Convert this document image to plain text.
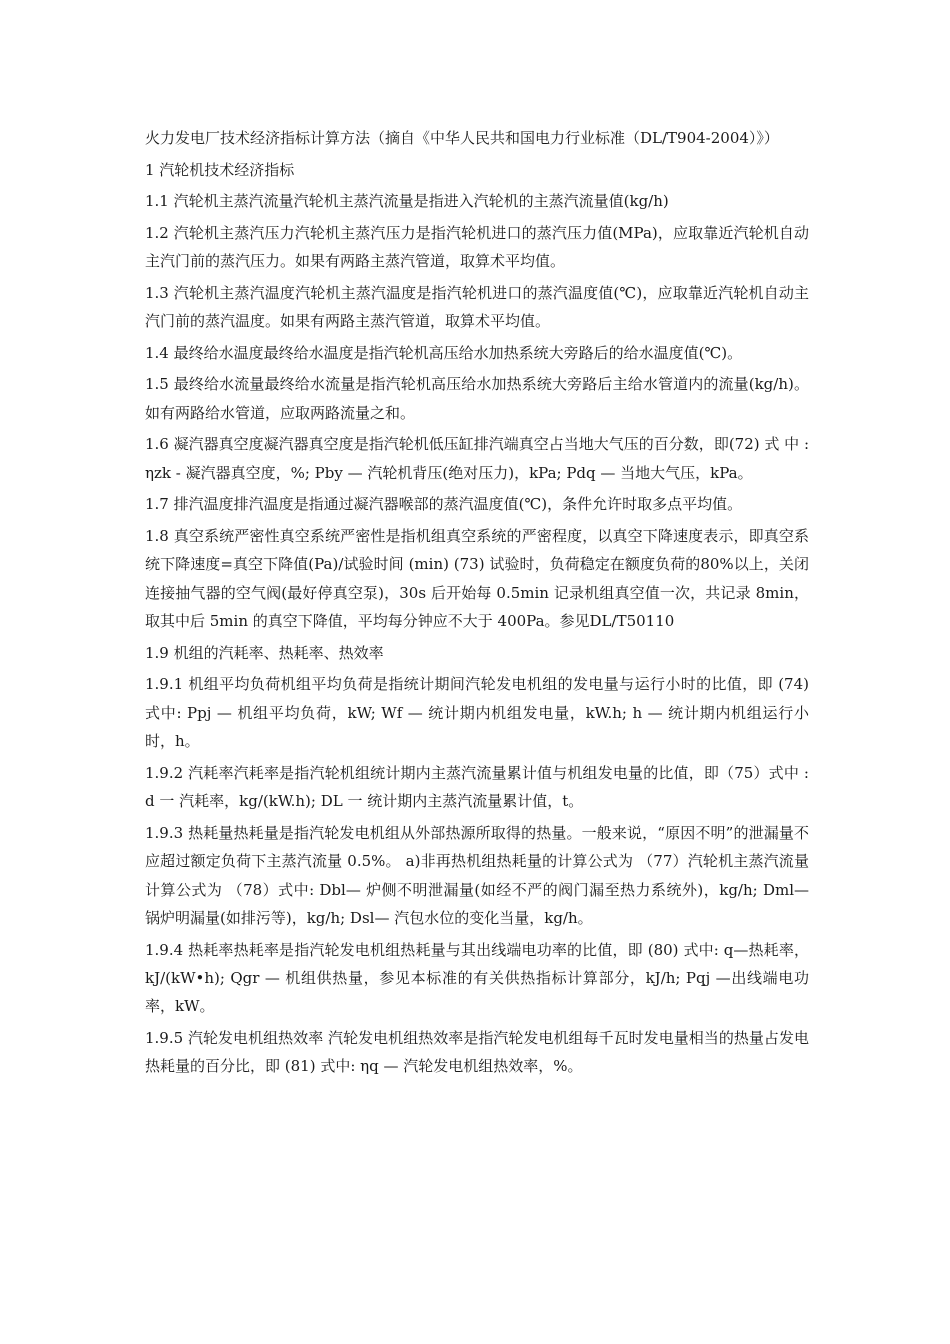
火力发电厂技术经济指标计算方法（摘自《中华人民共和国电力行业标准（DL/T904-2004）》）

1 汽轮机技术经济指标

1.1 汽轮机主蒸汽流量汽轮机主蒸汽流量是指进入汽轮机的主蒸汽流量值(kg/h)

1.2 汽轮机主蒸汽压力汽轮机主蒸汽压力是指汽轮机进口的蒸汽压力值(MPa)，应取靠近汽轮机自动主汽门前的蒸汽压力。如果有两路主蒸汽管道，取算术平均值。

1.3 汽轮机主蒸汽温度汽轮机主蒸汽温度是指汽轮机进口的蒸汽温度值(℃)，应取靠近汽轮机自动主汽门前的蒸汽温度。如果有两路主蒸汽管道，取算术平均值。

1.4 最终给水温度最终给水温度是指汽轮机高压给水加热系统大旁路后的给水温度值(℃)。

1.5 最终给水流量最终给水流量是指汽轮机高压给水加热系统大旁路后主给水管道内的流量(kg/h)。如有两路给水管道，应取两路流量之和。

1.6 凝汽器真空度凝汽器真空度是指汽轮机低压缸排汽端真空占当地大气压的百分数，即(72) 式 中 : ηzk - 凝汽器真空度，%; Pby — 汽轮机背压(绝对压力)，kPa; Pdq — 当地大气压，kPa。

1.7 排汽温度排汽温度是指通过凝汽器喉部的蒸汽温度值(℃)，条件允许时取多点平均值。

1.8 真空系统严密性真空系统严密性是指机组真空系统的严密程度，以真空下降速度表示，即真空系统下降速度=真空下降值(Pa)/试验时间 (min) (73) 试验时，负荷稳定在额度负荷的80%以上，关闭连接抽气器的空气阀(最好停真空泵)，30s 后开始每 0.5min 记录机组真空值一次，共记录 8min，取其中后 5min 的真空下降值，平均每分钟应不大于 400Pa。参见DL/T50110

1.9 机组的汽耗率、热耗率、热效率

1.9.1 机组平均负荷机组平均负荷是指统计期间汽轮发电机组的发电量与运行小时的比值，即 (74) 式中: Ppj — 机组平均负荷，kW; Wf — 统计期内机组发电量，kW.h; h — 统计期内机组运行小时，h。

1.9.2 汽耗率汽耗率是指汽轮机组统计期内主蒸汽流量累计值与机组发电量的比值，即（75）式中 : d 一 汽耗率，kg/(kW.h); DL 一 统计期内主蒸汽流量累计值，t。

1.9.3 热耗量热耗量是指汽轮发电机组从外部热源所取得的热量。一般来说，“原因不明”的泄漏量不应超过额定负荷下主蒸汽流量 0.5%。 a)非再热机组热耗量的计算公式为 （77）汽轮机主蒸汽流量计算公式为 （78）式中: Dbl— 炉侧不明泄漏量(如经不严的阀门漏至热力系统外)，kg/h; Dml— 锅炉明漏量(如排污等)，kg/h; Dsl— 汽包水位的变化当量，kg/h。

1.9.4 热耗率热耗率是指汽轮发电机组热耗量与其出线端电功率的比值，即 (80) 式中: q—热耗率，kJ/(kW•h); Qgr — 机组供热量，参见本标准的有关供热指标计算部分，kJ/h; Pqj —出线端电功率，kW。

1.9.5 汽轮发电机组热效率 汽轮发电机组热效率是指汽轮发电机组每千瓦时发电量相当的热量占发电热耗量的百分比，即 (81) 式中: ηq — 汽轮发电机组热效率，%。
